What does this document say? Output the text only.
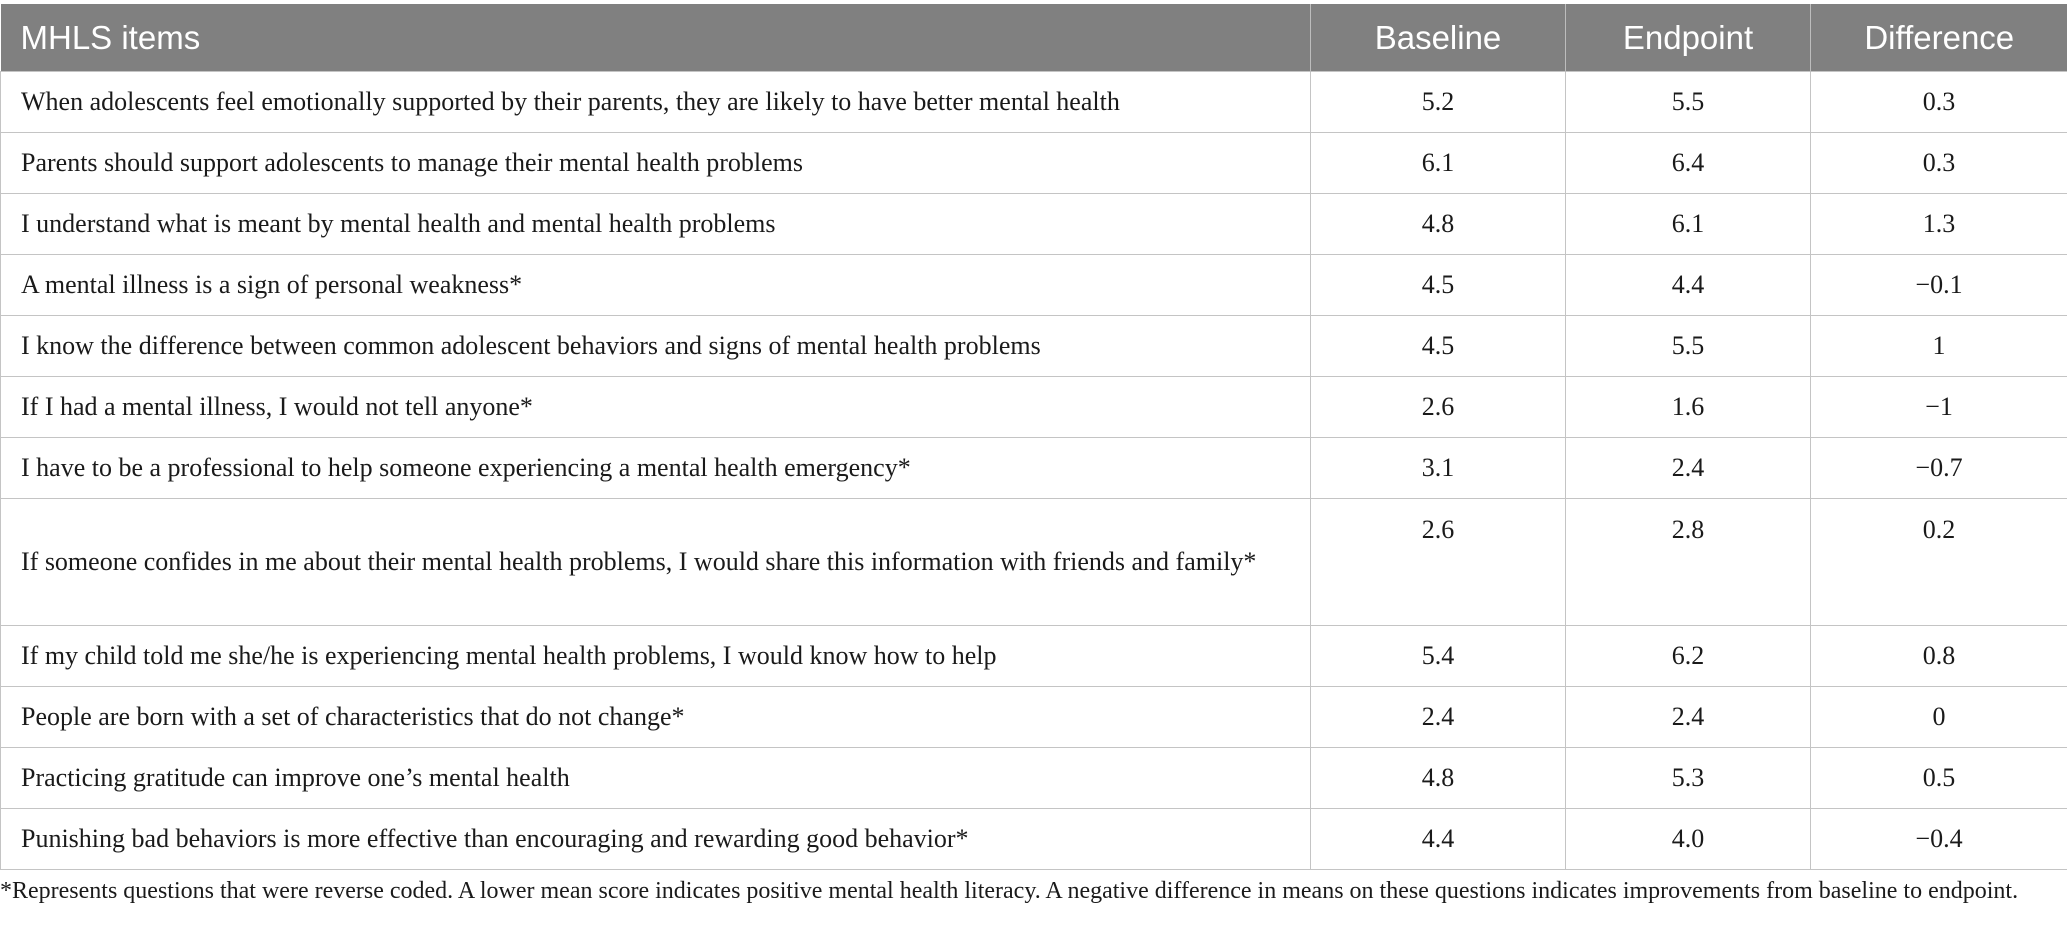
MHLS items	Baseline	Endpoint	Difference
When adolescents feel emotionally supported by their parents, they are likely to have better mental health	5.2	5.5	0.3
Parents should support adolescents to manage their mental health problems	6.1	6.4	0.3
I understand what is meant by mental health and mental health problems	4.8	6.1	1.3
A mental illness is a sign of personal weakness*	4.5	4.4	−0.1
I know the difference between common adolescent behaviors and signs of mental health problems	4.5	5.5	1
If I had a mental illness, I would not tell anyone*	2.6	1.6	−1
I have to be a professional to help someone experiencing a mental health emergency*	3.1	2.4	−0.7
If someone confides in me about their mental health problems, I would share this information with friends and family*	2.6	2.8	0.2
If my child told me she/he is experiencing mental health problems, I would know how to help	5.4	6.2	0.8
People are born with a set of characteristics that do not change*	2.4	2.4	0
Practicing gratitude can improve one’s mental health	4.8	5.3	0.5
Punishing bad behaviors is more effective than encouraging and rewarding good behavior*	4.4	4.0	−0.4
*Represents questions that were reverse coded. A lower mean score indicates positive mental health literacy. A negative difference in means on these questions indicates improvements from baseline to endpoint.
